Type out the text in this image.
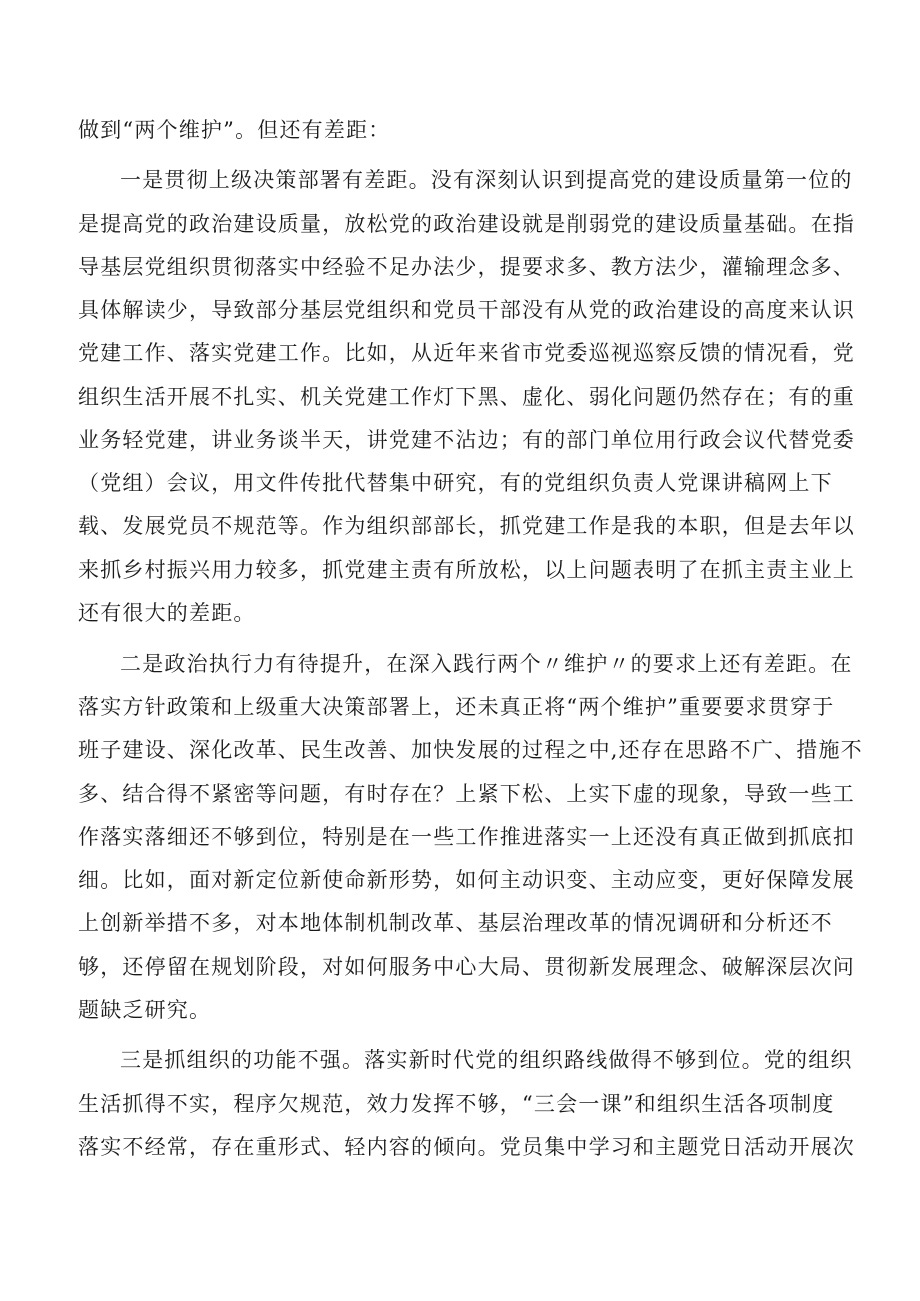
做到“两个维护”。但还有差距：
一是贯彻上级决策部署有差距。没有深刻认识到提高党的建设质量第一位的
是提高党的政治建设质量，放松党的政治建设就是削弱党的建设质量基础。在指
导基层党组织贯彻落实中经验不足办法少，提要求多、教方法少，灌输理念多、
具体解读少，导致部分基层党组织和党员干部没有从党的政治建设的高度来认识
党建工作、落实党建工作。比如，从近年来省市党委巡视巡察反馈的情况看，党
组织生活开展不扎实、机关党建工作灯下黑、虚化、弱化问题仍然存在；有的重
业务轻党建，讲业务谈半天，讲党建不沾边；有的部门单位用行政会议代替党委
（党组）会议，用文件传批代替集中研究，有的党组织负责人党课讲稿网上下
载、发展党员不规范等。作为组织部部长，抓党建工作是我的本职，但是去年以
来抓乡村振兴用力较多，抓党建主责有所放松，以上问题表明了在抓主责主业上
还有很大的差距。
二是政治执行力有待提升，在深入践行两个〃维护〃的要求上还有差距。在
落实方针政策和上级重大决策部署上，还未真正将“两个维护”重要要求贯穿于
班子建设、深化改革、民生改善、加快发展的过程之中,还存在思路不广、措施不
多、结合得不紧密等问题，有时存在？上紧下松、上实下虚的现象，导致一些工
作落实落细还不够到位，特别是在一些工作推进落实一上还没有真正做到抓底扣
细。比如，面对新定位新使命新形势，如何主动识变、主动应变，更好保障发展
上创新举措不多，对本地体制机制改革、基层治理改革的情况调研和分析还不
够，还停留在规划阶段，对如何服务中心大局、贯彻新发展理念、破解深层次问
题缺乏研究。
三是抓组织的功能不强。落实新时代党的组织路线做得不够到位。党的组织
生活抓得不实，程序欠规范，效力发挥不够，“三会一课”和组织生活各项制度
落实不经常，存在重形式、轻内容的倾向。党员集中学习和主题党日活动开展次
